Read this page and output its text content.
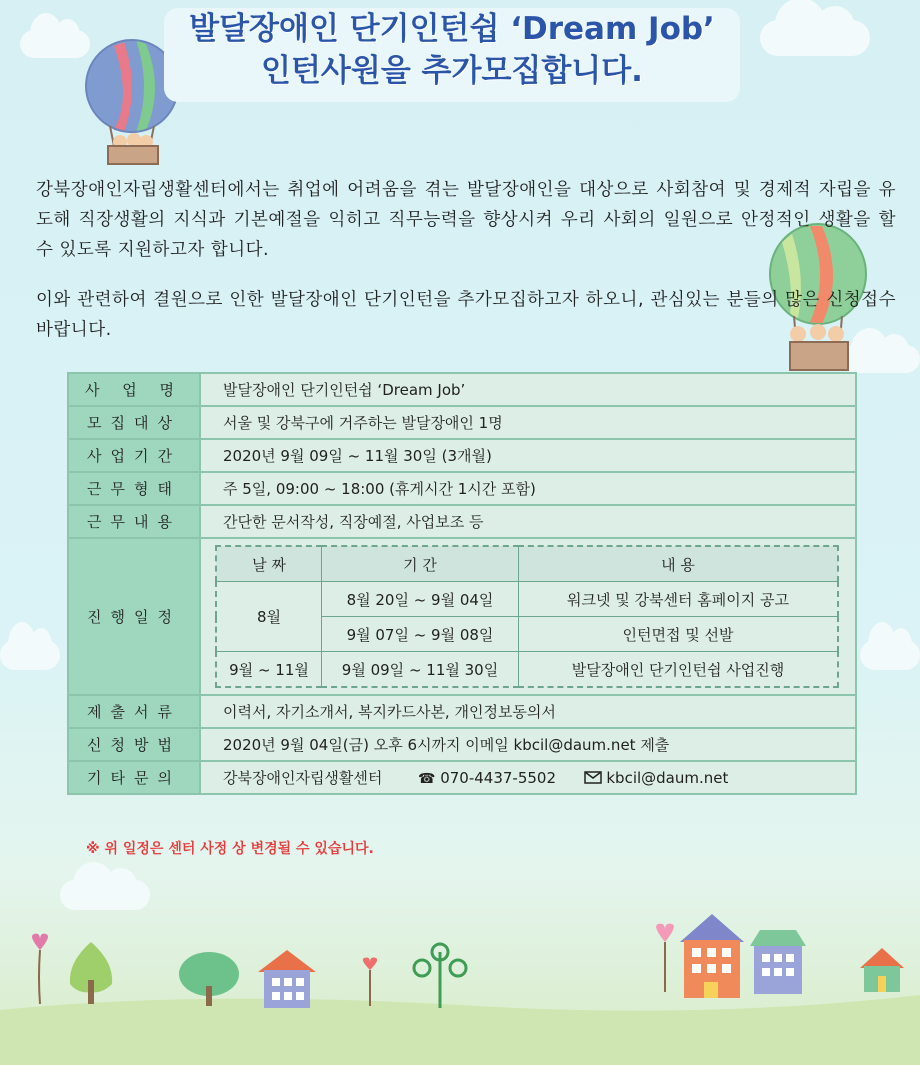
발달장애인 단기인턴쉽 ‘Dream Job’
인턴사원을 추가모집합니다.
강북장애인자립생활센터에서는 취업에 어려움을 겪는 발달장애인을 대상으로 사회참여 및 경제적 자립을 유도해 직장생활의 지식과 기본예절을 익히고 직무능력을 향상시켜 우리 사회의 일원으로 안정적인 생활을 할 수 있도록 지원하고자 합니다.
이와 관련하여 결원으로 인한 발달장애인 단기인턴을 추가모집하고자 하오니, 관심있는 분들의 많은 신청접수바랍니다.
사 업 명	발달장애인 단기인턴쉽 ‘Dream Job’
모집대상	서울 및 강북구에 거주하는 발달장애인 1명
사업기간	2020년 9월 09일 ~ 11월 30일 (3개월)
근무형태	주 5일, 09:00 ~ 18:00 (휴게시간 1시간 포함)
근무내용	간단한 문서작성, 직장예절, 사업보조 등
진행일정	
날 짜	기 간	내 용
8월	8월 20일 ~ 9월 04일	워크넷 및 강북센터 홈페이지 공고
9월 07일 ~ 9월 08일	인턴면접 및 선발
9월 ~ 11월	9월 09일 ~ 11월 30일	발달장애인 단기인턴쉽 사업진행

제출서류	이력서, 자기소개서, 복지카드사본, 개인정보동의서
신청방법	2020년 9월 04일(금) 오후 6시까지 이메일 kbcil@daum.net 제출
기타문의	강북장애인자립생활센터	☎ 070-4437-5502	kbcil@daum.net
※ 위 일정은 센터 사정 상 변경될 수 있습니다.
